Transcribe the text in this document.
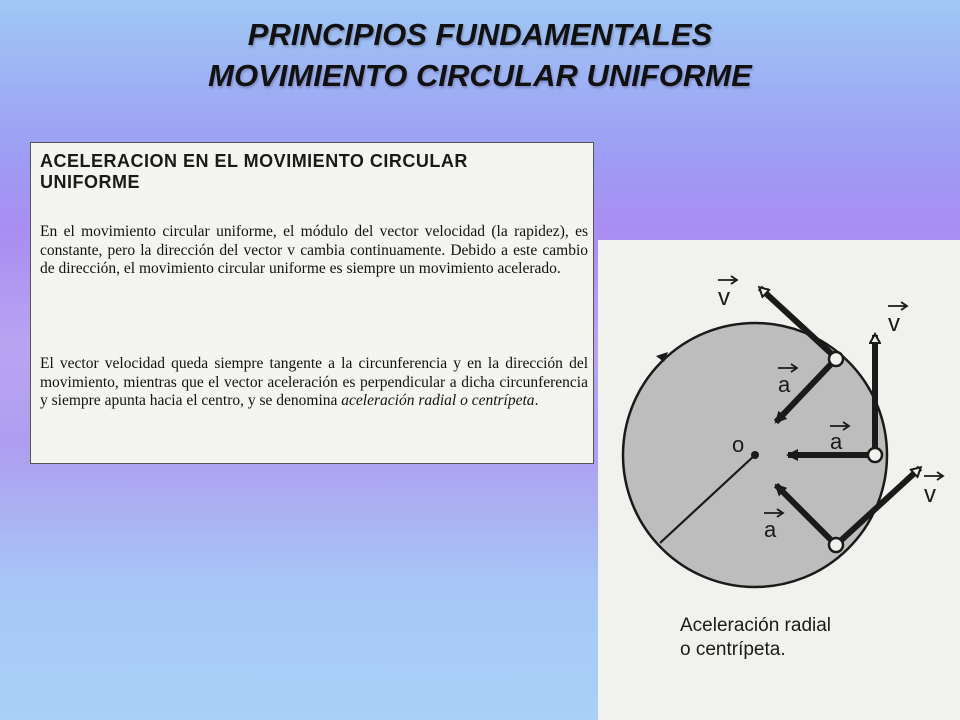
PRINCIPIOS FUNDAMENTALES
MOVIMIENTO CIRCULAR UNIFORME
ACELERACION EN EL MOVIMIENTO CIRCULAR UNIFORME
En el movimiento circular uniforme, el módulo del vector velocidad (la rapidez), es constante, pero la dirección del vector v cambia continuamente. Debido a este cambio de dirección, el movimiento circular uniforme es siempre un movimiento acelerado.
El vector velocidad queda siempre tangente a la circunferencia y en la dirección del movimiento, mientras que el vector aceleración es perpendicular a dicha circunferencia y siempre apunta hacia el centro, y se denomina aceleración radial o centrípeta.
o
v
v
v
a
a
a
Aceleración radial
o centrípeta.
